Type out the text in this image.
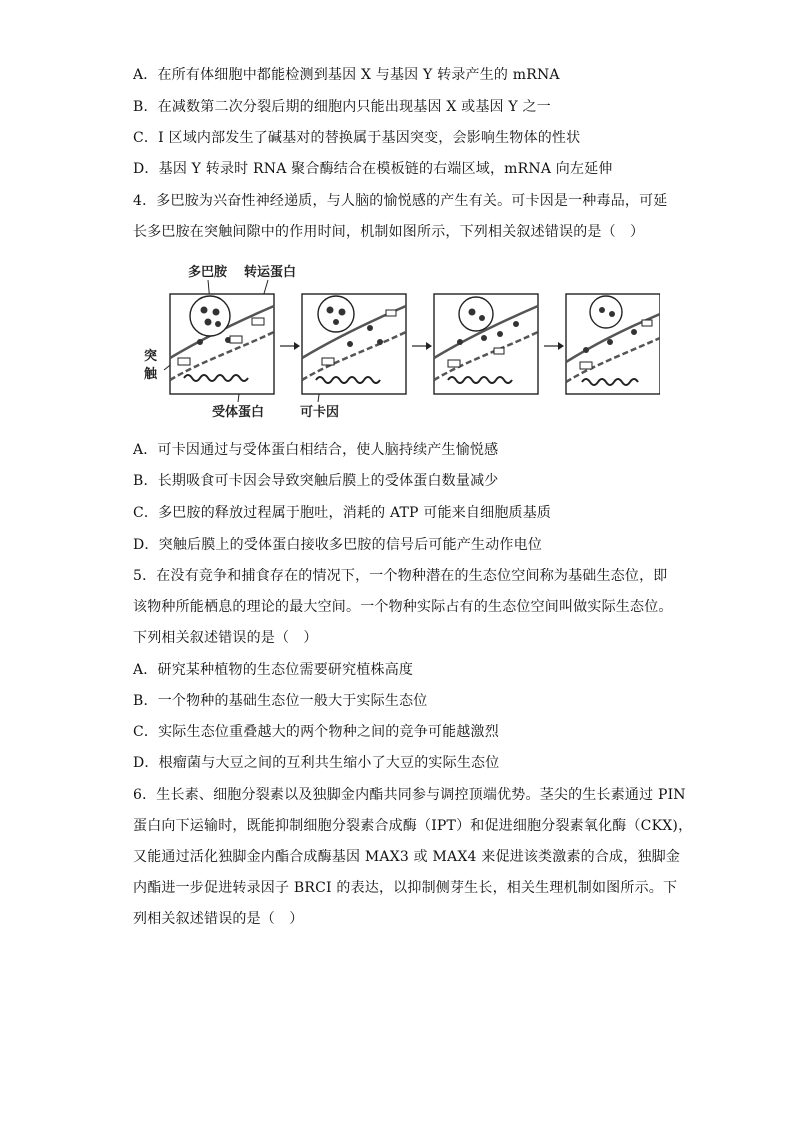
A．在所有体细胞中都能检测到基因 X 与基因 Y 转录产生的 mRNA
B．在减数第二次分裂后期的细胞内只能出现基因 X 或基因 Y 之一
C．I 区域内部发生了碱基对的替换属于基因突变，会影响生物体的性状
D．基因 Y 转录时 RNA 聚合酶结合在模板链的右端区域，mRNA 向左延伸
4．多巴胺为兴奋性神经递质，与人脑的愉悦感的产生有关。可卡因是一种毒品，可延
长多巴胺在突触间隙中的作用时间，机制如图所示，下列相关叙述错误的是（　）
多巴胺 转运蛋白
突
触
受体蛋白	可卡因
A．可卡因通过与受体蛋白相结合，使人脑持续产生愉悦感
B．长期吸食可卡因会导致突触后膜上的受体蛋白数量减少
C．多巴胺的释放过程属于胞吐，消耗的 ATP 可能来自细胞质基质
D．突触后膜上的受体蛋白接收多巴胺的信号后可能产生动作电位
5．在没有竞争和捕食存在的情况下，一个物种潜在的生态位空间称为基础生态位，即
该物种所能栖息的理论的最大空间。一个物种实际占有的生态位空间叫做实际生态位。
下列相关叙述错误的是（　）
A．研究某种植物的生态位需要研究植株高度
B．一个物种的基础生态位一般大于实际生态位
C．实际生态位重叠越大的两个物种之间的竞争可能越激烈
D．根瘤菌与大豆之间的互利共生缩小了大豆的实际生态位
6．生长素、细胞分裂素以及独脚金内酯共同参与调控顶端优势。茎尖的生长素通过 PIN
蛋白向下运输时，既能抑制细胞分裂素合成酶（IPT）和促进细胞分裂素氧化酶（CKX)，
又能通过活化独脚金内酯合成酶基因 MAX3 或 MAX4 来促进该类激素的合成，独脚金
内酯进一步促进转录因子 BRCI 的表达，以抑制侧芽生长，相关生理机制如图所示。下
列相关叙述错误的是（　）
